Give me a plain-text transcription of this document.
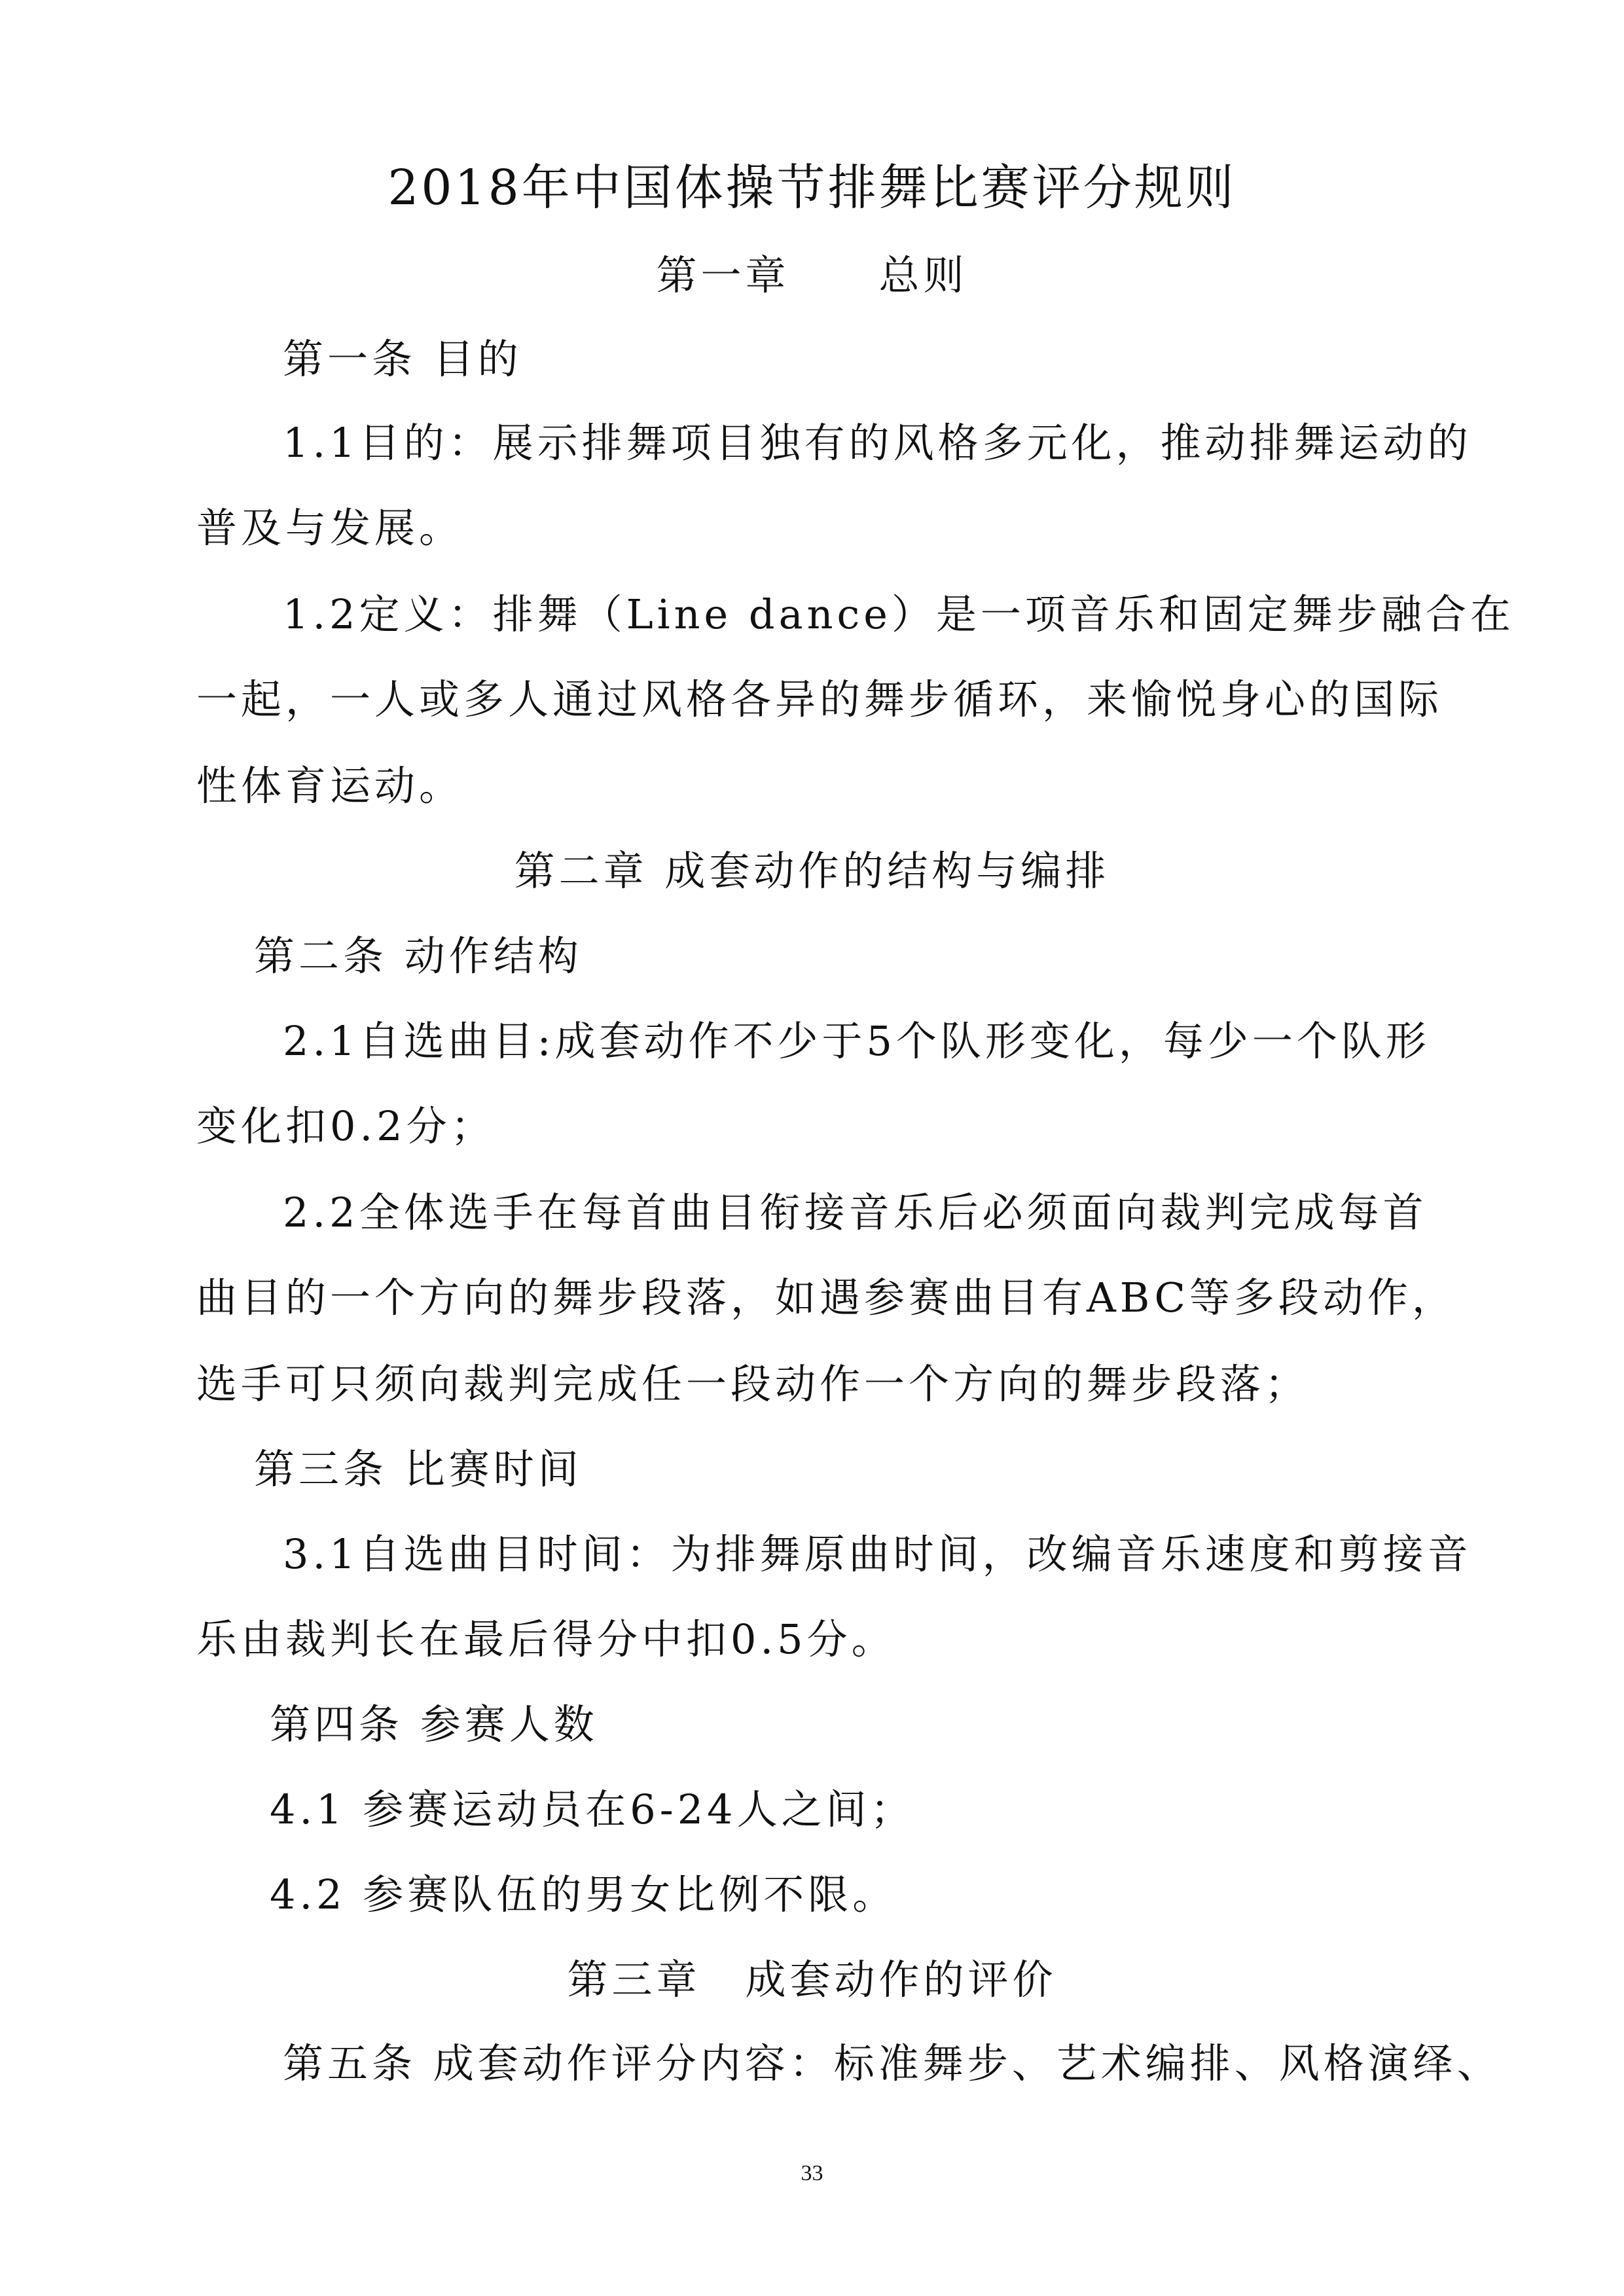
2018年中国体操节排舞比赛评分规则
第一章　　总则
第一条 目的
1.1目的：展示排舞项目独有的风格多元化，推动排舞运动的
普及与发展。
1.2定义：排舞（Line dance）是一项音乐和固定舞步融合在
一起，一人或多人通过风格各异的舞步循环，来愉悦身心的国际
性体育运动。
第二章 成套动作的结构与编排
第二条 动作结构
2.1自选曲目:成套动作不少于5个队形变化，每少一个队形
变化扣0.2分；
2.2全体选手在每首曲目衔接音乐后必须面向裁判完成每首
曲目的一个方向的舞步段落，如遇参赛曲目有ABC等多段动作，
选手可只须向裁判完成任一段动作一个方向的舞步段落；
第三条 比赛时间
3.1自选曲目时间：为排舞原曲时间，改编音乐速度和剪接音
乐由裁判长在最后得分中扣0.5分。
第四条 参赛人数
4.1 参赛运动员在6-24人之间；
4.2 参赛队伍的男女比例不限。
第三章　成套动作的评价
第五条 成套动作评分内容：标准舞步、艺术编排、风格演绎、
33
